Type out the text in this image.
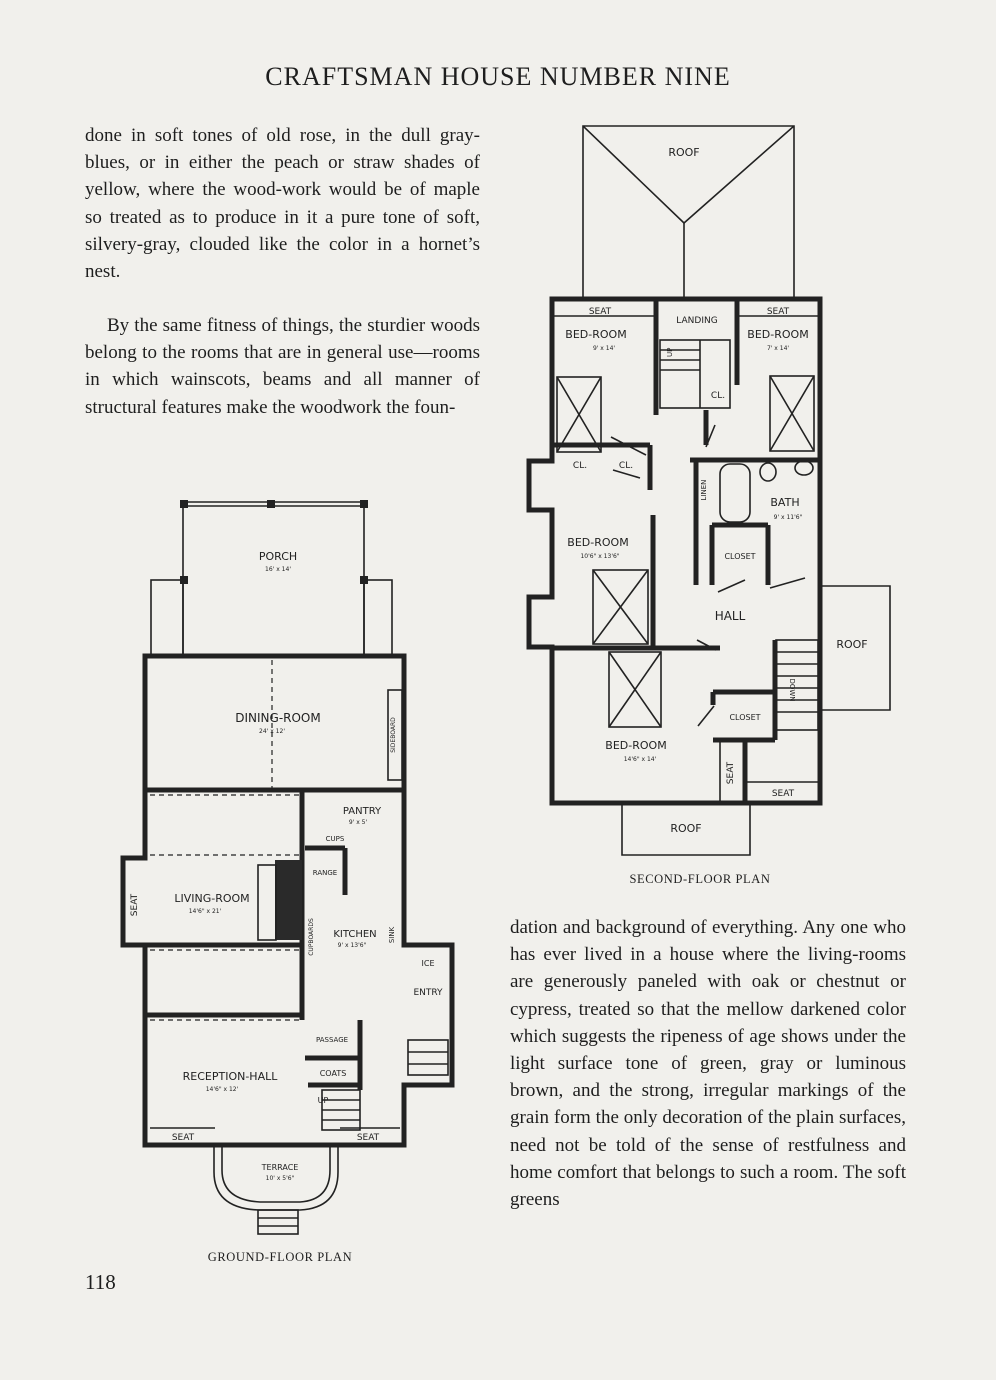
CRAFTSMAN HOUSE NUMBER NINE

done in soft tones of old rose, in the dull gray-blues, or in either the peach or straw shades of yellow, where the wood-work would be of maple so treated as to produce in it a pure tone of soft, silvery-gray, clouded like the color in a hornet’s nest.

By the same fitness of things, the sturdier woods belong to the rooms that are in general use—rooms in which wainscots, beams and all manner of structural features make the woodwork the foun-

dation and background of everything. Any one who has ever lived in a house where the living-rooms are generously paneled with oak or chestnut or cypress, treated so that the mellow darkened color which suggests the ripeness of age shows under the light surface tone of green, gray or luminous brown, and the strong, irregular markings of the grain form the only decoration of the plain surfaces, need not be told of the sense of restfulness and home comfort that belongs to such a room. The soft greens

ROOF
SEAT	SEAT
LANDING
BED-ROOM
9' x 14'
BED-ROOM
7' x 14'
UP
CL.
CL.	CL.
LINEN
BATH
9' x 11'6"
CLOSET
BED-ROOM
10'6" x 13'6"
HALL
ROOF
DOWN
CLOSET
BED-ROOM
14'6" x 14'
SEAT
SEAT
ROOF
SECOND-FLOOR PLAN
PORCH
16' x 14'
DINING-ROOM
24' x 12'	SIDEBOARD
PANTRY
9' x 5'
CUPS
RANGE
SEAT	LIVING-ROOM
14'6" x 21'
CUPBOARDS KITCHEN
9' x 13'6"
SINK
ICE
ENTRY
PASSAGE
RECEPTION-HALL
14'6" x 12'
COATS
UP
SEAT	SEAT
TERRACE
10' x 5'6"
GROUND-FLOOR PLAN
118
